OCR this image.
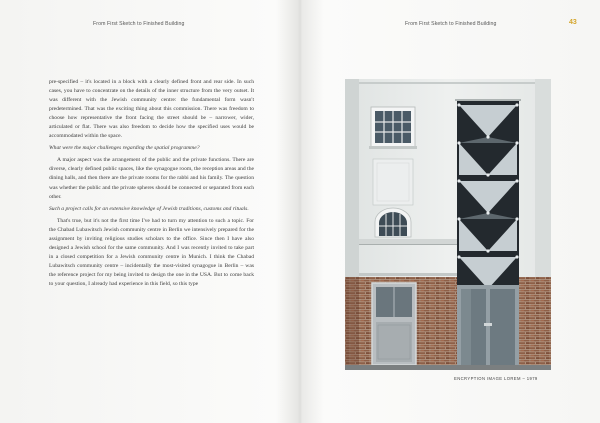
From First Sketch to Finished Building	From First Sketch to Finished Building	43

pre-specified – it's located in a block with a clearly defined front and rear side. In such cases, you have to concentrate on the details of the inner structure from the very outset. It was different with the Jewish community centre: the fundamental form wasn't predetermined. That was the exciting thing about this commission. There was freedom to choose how representative the front facing the street should be – narrower, wider, articulated or flat. There was also freedom to decide how the specified uses would be accommodated within the space.

What were the major challenges regarding the spatial programme?

A major aspect was the arrangement of the public and the private functions. There are diverse, clearly defined public spaces, like the synagogue room, the reception areas and the dining halls, and then there are the private rooms for the rabbi and his family. The question was whether the public and the private spheres should be connected or separated from each other.

Such a project calls for an extensive knowledge of Jewish traditions, customs and rituals.

That's true, but it's not the first time I've had to turn my attention to such a topic. For the Chabad Lubawitsch Jewish community centre in Berlin we intensively prepared for the assignment by inviting religious studies scholars to the office. Since then I have also designed a Jewish school for the same community. And I was recently invited to take part in a closed competition for a Jewish community centre in Munich. I think the Chabad Lubawitsch community centre – incidentally the most-visited synagogue in Berlin – was the reference project for my being invited to design the one in the USA. But to come back to your question, I already had experience in this field, so this type

ENCRYPTION IMAGE LOREM – 1979
